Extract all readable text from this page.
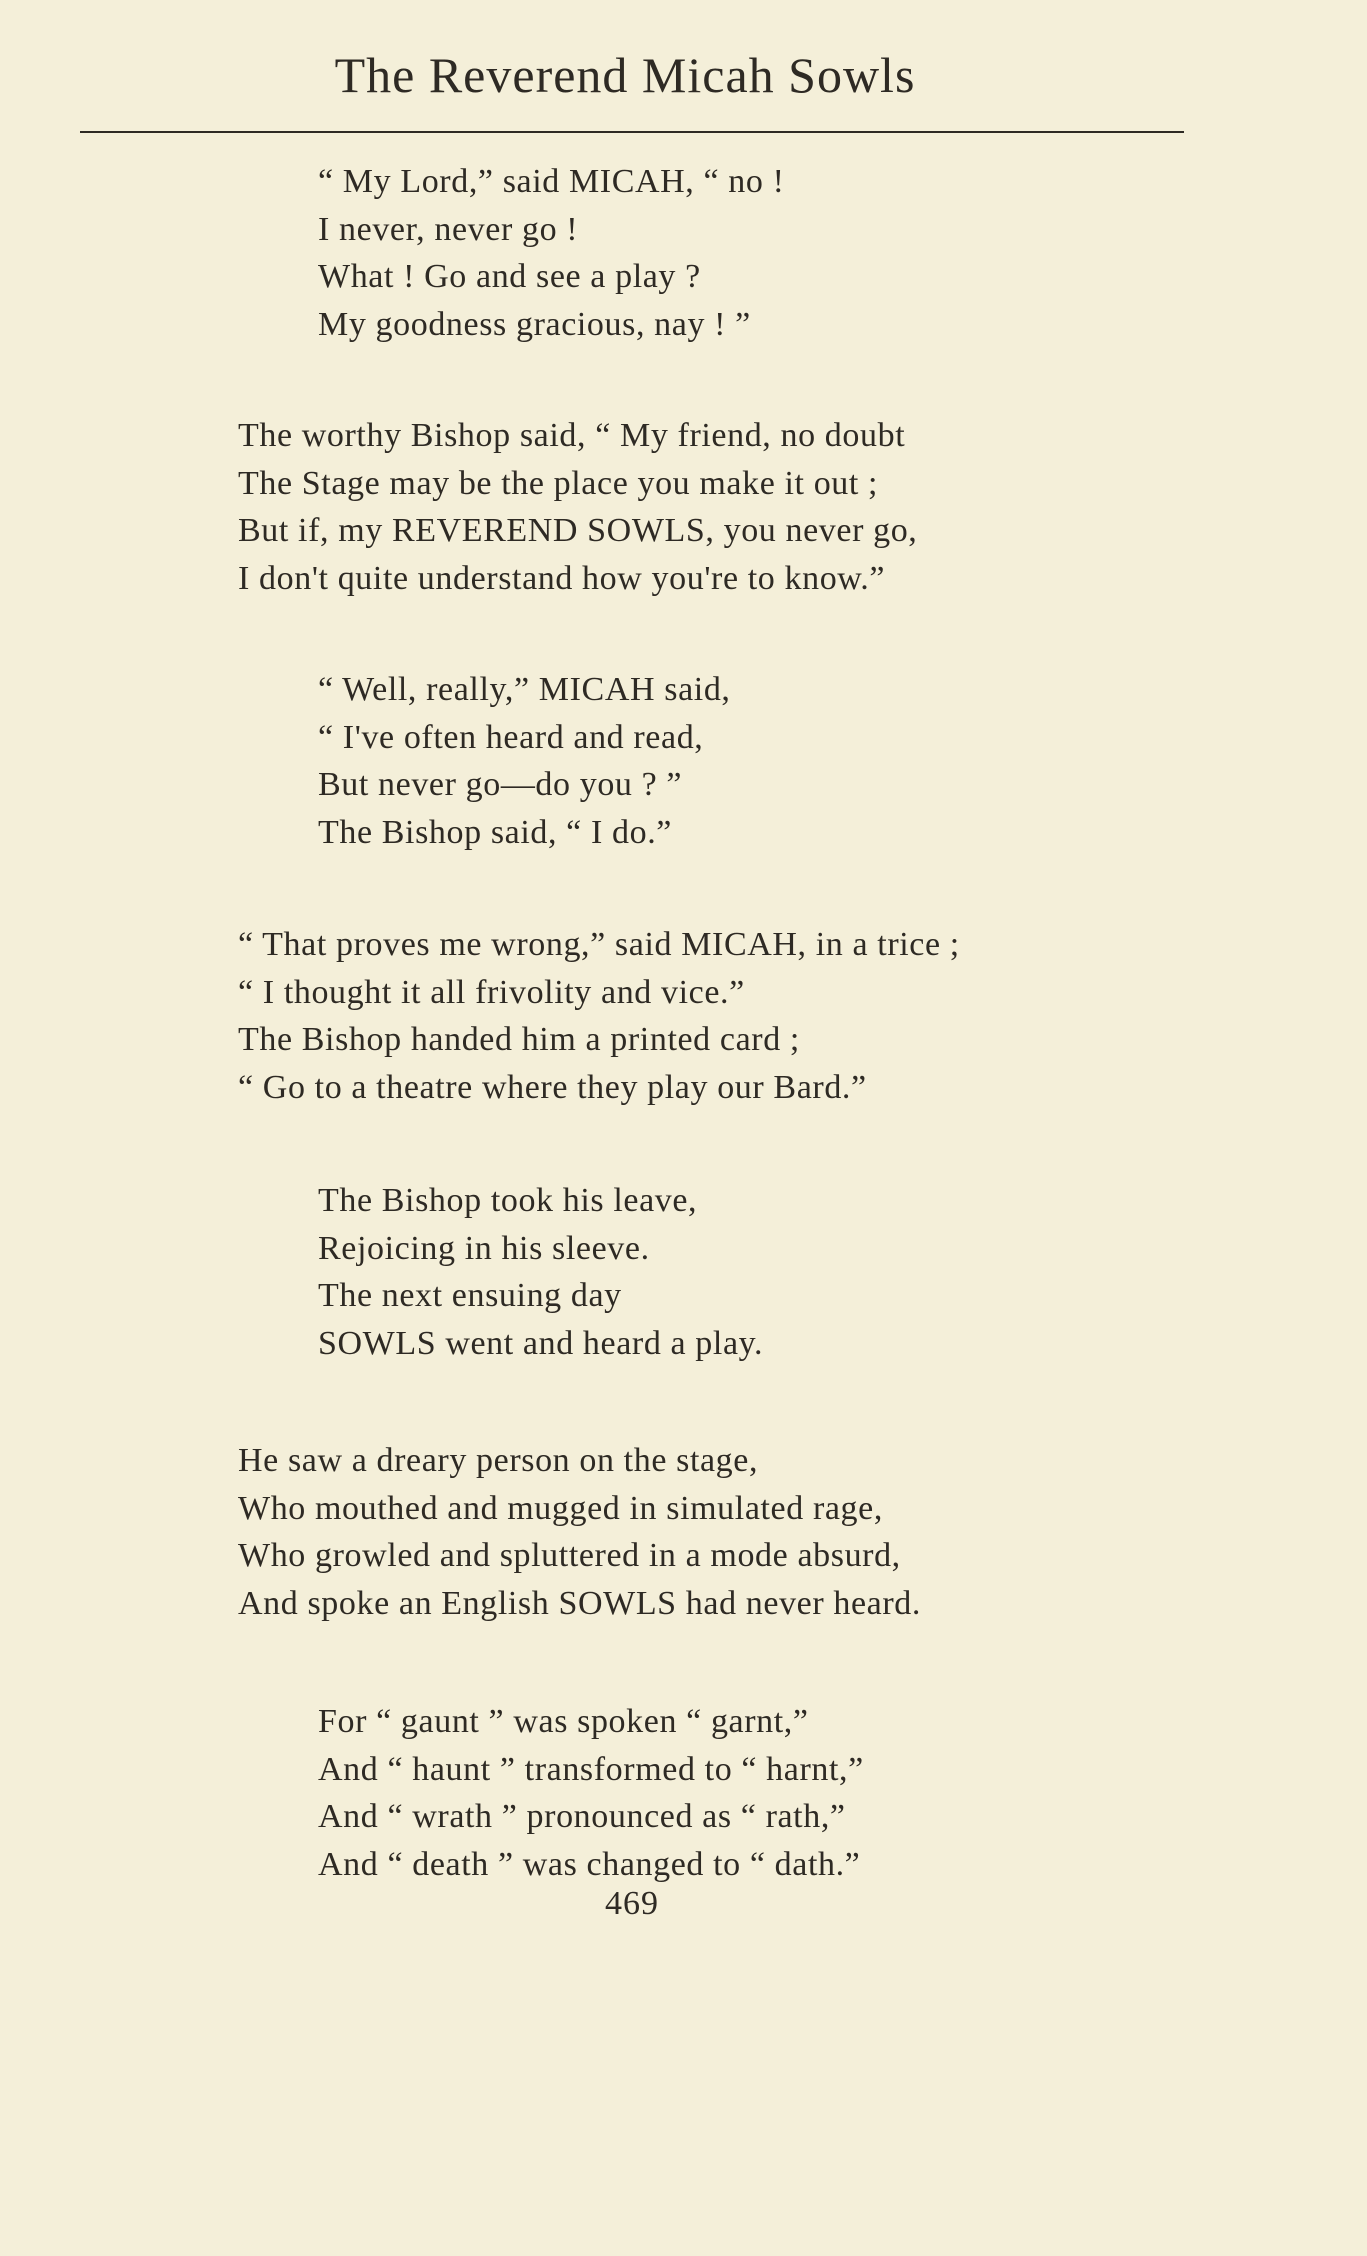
The Reverend Micah Sowls
“ My Lord,” said MICAH, “ no !
I never, never go !
What ! Go and see a play ?
My goodness gracious, nay ! ”
The worthy Bishop said, “ My friend, no doubt
The Stage may be the place you make it out ;
But if, my REVEREND SOWLS, you never go,
I don't quite understand how you're to know.”
“ Well, really,” MICAH said,
“ I've often heard and read,
But never go—do you ? ”
The Bishop said, “ I do.”
“ That proves me wrong,” said MICAH, in a trice ;
“ I thought it all frivolity and vice.”
The Bishop handed him a printed card ;
“ Go to a theatre where they play our Bard.”
The Bishop took his leave,
Rejoicing in his sleeve.
The next ensuing day
SOWLS went and heard a play.
He saw a dreary person on the stage,
Who mouthed and mugged in simulated rage,
Who growled and spluttered in a mode absurd,
And spoke an English SOWLS had never heard.
For “ gaunt ” was spoken “ garnt,”
And “ haunt ” transformed to “ harnt,”
And “ wrath ” pronounced as “ rath,”
And “ death ” was changed to “ dath.”
469
